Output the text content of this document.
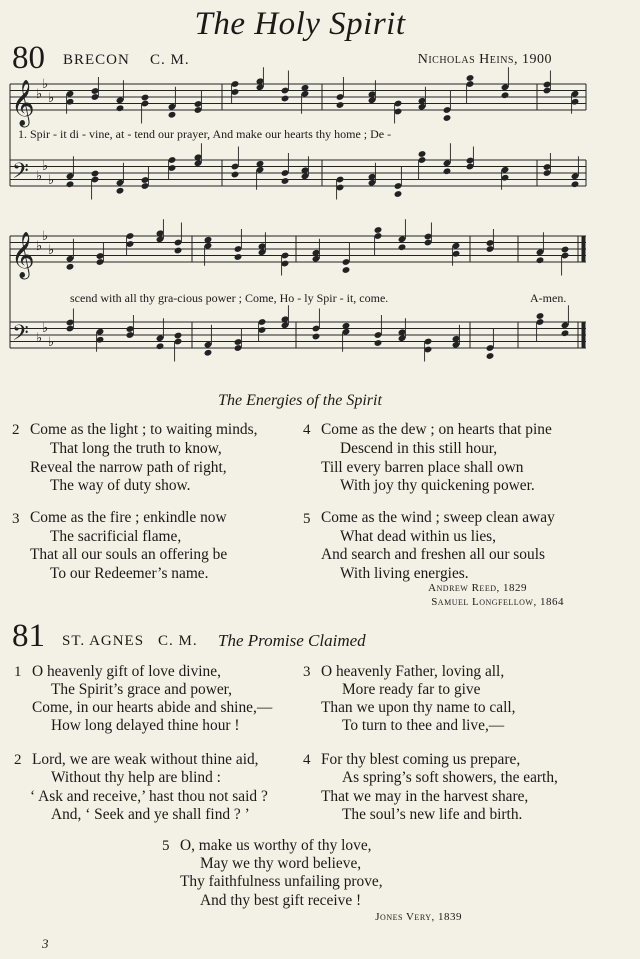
The Holy Spirit
80 BRECON C. M.	Nicholas Heins, 1900
𝄞 ♭
♭
♭
𝄢 ♭
♭
♭
𝄞 ♭
♭
♭
𝄢 ♭
♭
♭
1. Spir - it di - vine, at - tend our prayer, And make our hearts thy home ; De -
scend with all thy gra-cious power ; Come, Ho - ly Spir - it, come.	A-men.
The Energies of the Spirit
2 Come as the light ; to waiting minds,
That long the truth to know,
Reveal the narrow path of right,
The way of duty show.
3 Come as the fire ; enkindle now
The sacrificial flame,
That all our souls an offering be
To our Redeemer’s name.
4 Come as the dew ; on hearts that pine
Descend in this still hour,
Till every barren place shall own
With joy thy quickening power.
5 Come as the wind ; sweep clean away
What dead within us lies,
And search and freshen all our souls
With living energies.
Andrew Reed, 1829
Samuel Longfellow, 1864
81 ST. AGNES C. M. The Promise Claimed
1 O heavenly gift of love divine,
The Spirit’s grace and power,
Come, in our hearts abide and shine,—
How long delayed thine hour !
3 O heavenly Father, loving all,
More ready far to give
Than we upon thy name to call,
To turn to thee and live,—
2 Lord, we are weak without thine aid,
Without thy help are blind :
‘ Ask and receive,’ hast thou not said ?
And, ‘ Seek and ye shall find ? ’
4 For thy blest coming us prepare,
As spring’s soft showers, the earth,
That we may in the harvest share,
The soul’s new life and birth.
5 O, make us worthy of thy love,
May we thy word believe,
Thy faithfulness unfailing prove,
And thy best gift receive !
Jones Very, 1839
3
